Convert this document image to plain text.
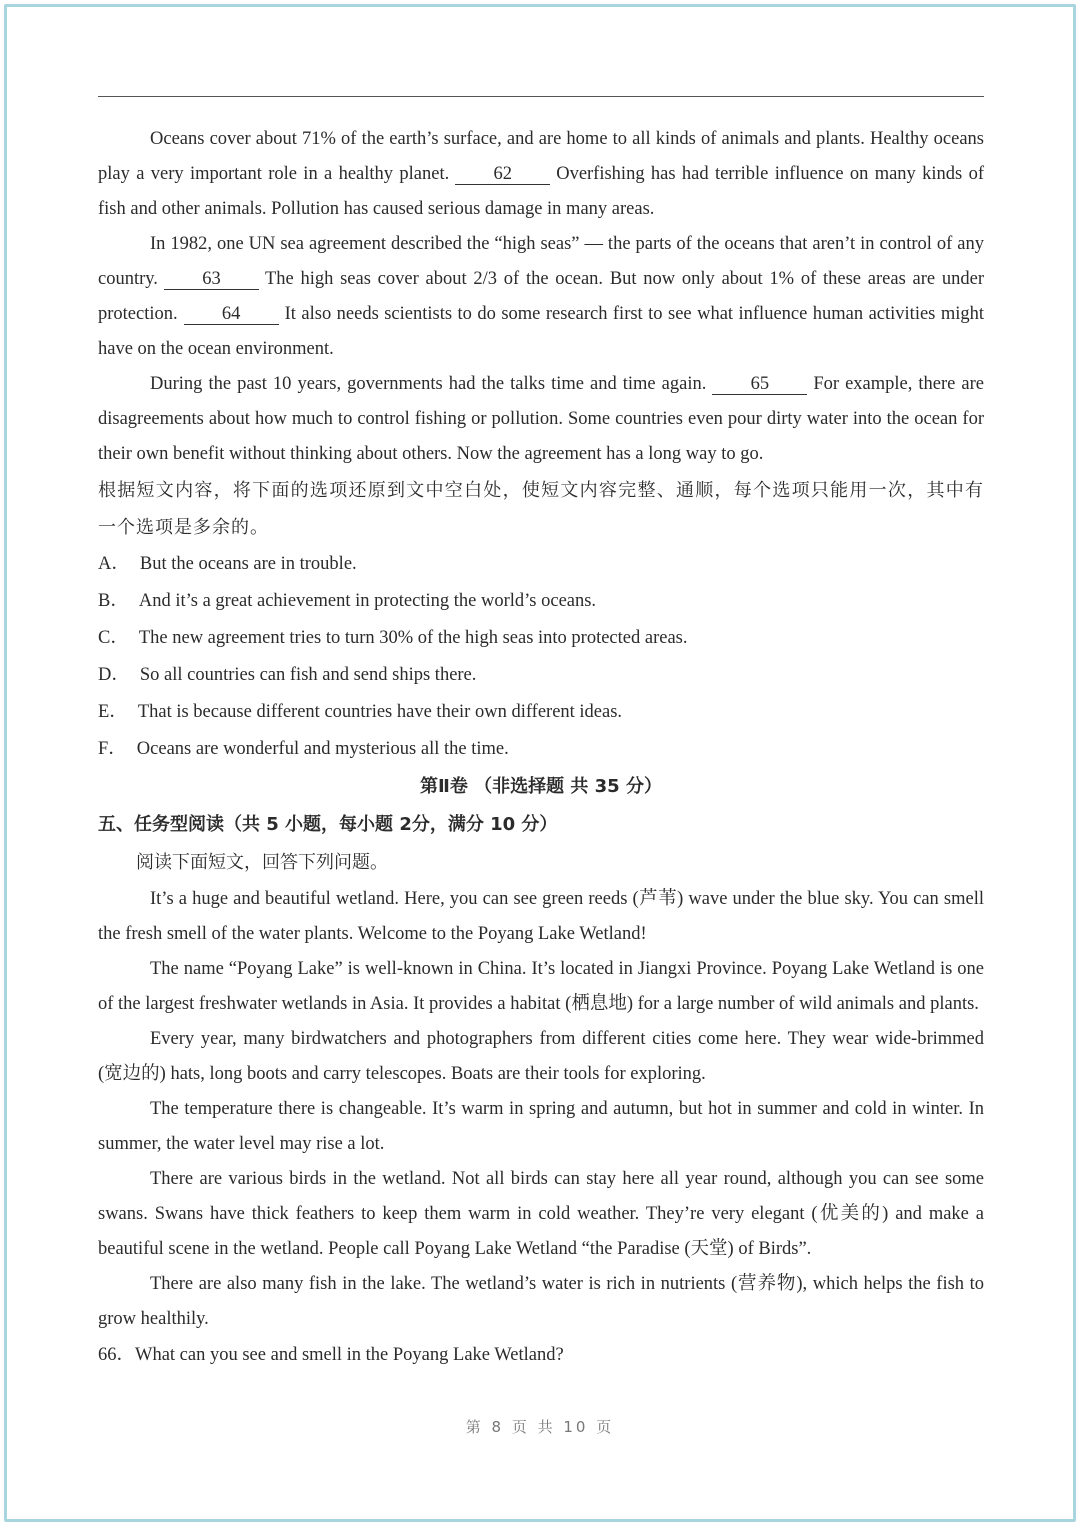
Oceans cover about 71% of the earth’s surface, and are home to all kinds of animals and plants. Healthy oceans play a very important role in a healthy planet. 62 Overfishing has had terrible influence on many kinds of fish and other animals. Pollution has caused serious damage in many areas.

In 1982, one UN sea agreement described the “high seas” — the parts of the oceans that aren’t in control of any country. 63 The high seas cover about 2/3 of the ocean. But now only about 1% of these areas are under protection. 64 It also needs scientists to do some research first to see what influence human activities might have on the ocean environment.

During the past 10 years, governments had the talks time and time again. 65 For example, there are disagreements about how much to control fishing or pollution. Some countries even pour dirty water into the ocean for their own benefit without thinking about others. Now the agreement has a long way to go.

根据短文内容，将下面的选项还原到文中空白处，使短文内容完整、通顺，每个选项只能用一次，其中有一个选项是多余的。

A． But the oceans are in trouble.

B． And it’s a great achievement in protecting the world’s oceans.

C． The new agreement tries to turn 30% of the high seas into protected areas.

D． So all countries can fish and send ships there.

E． That is because different countries have their own different ideas.

F． Oceans are wonderful and mysterious all the time.

第Ⅱ卷 （非选择题 共 35 分）

五、任务型阅读（共 5 小题，每小题 2分，满分 10 分）

阅读下面短文，回答下列问题。

It’s a huge and beautiful wetland. Here, you can see green reeds (芦苇) wave under the blue sky. You can smell the fresh smell of the water plants. Welcome to the Poyang Lake Wetland!

The name “Poyang Lake” is well-known in China. It’s located in Jiangxi Province. Poyang Lake Wetland is one of the largest freshwater wetlands in Asia. It provides a habitat (栖息地) for a large number of wild animals and plants.

Every year, many birdwatchers and photographers from different cities come here. They wear wide-brimmed (宽边的) hats, long boots and carry telescopes. Boats are their tools for exploring.

The temperature there is changeable. It’s warm in spring and autumn, but hot in summer and cold in winter. In summer, the water level may rise a lot.

There are various birds in the wetland. Not all birds can stay here all year round, although you can see some swans. Swans have thick feathers to keep them warm in cold weather. They’re very elegant (优美的) and make a beautiful scene in the wetland. People call Poyang Lake Wetland “the Paradise (天堂) of Birds”.

There are also many fish in the lake. The wetland’s water is rich in nutrients (营养物), which helps the fish to grow healthily.

66．What can you see and smell in the Poyang Lake Wetland?

第 8 页 共 10 页
